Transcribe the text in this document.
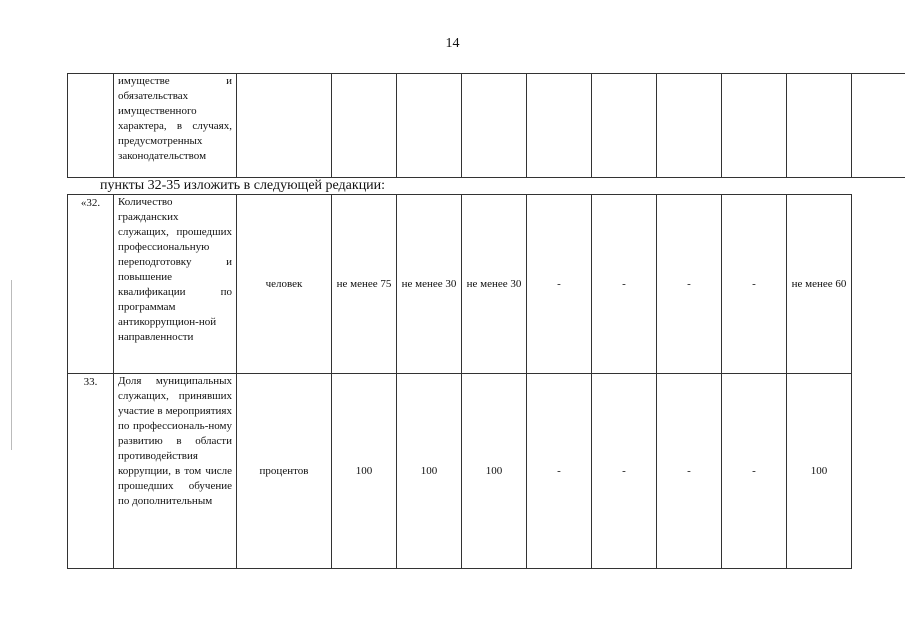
14
	имуществе и обязательствах имущественного характера, в случаях, предусмотренных законодательством										
пункты 32-35 изложить в следующей редакции:
«32.	Количество гражданских служащих, прошедших профессиональную переподготовку и повышение квалификации по программам антикоррупцион-ной направленности	человек	не менее 75	не менее 30	не менее 30	-	-	-	-	не менее 60
33.	Доля муниципальных служащих, принявших участие в мероприятиях по профессиональ-ному развитию в области противодействия коррупции, в том числе прошедших обучение по дополнительным	процентов	100	100	100	-	-	-	-	100
